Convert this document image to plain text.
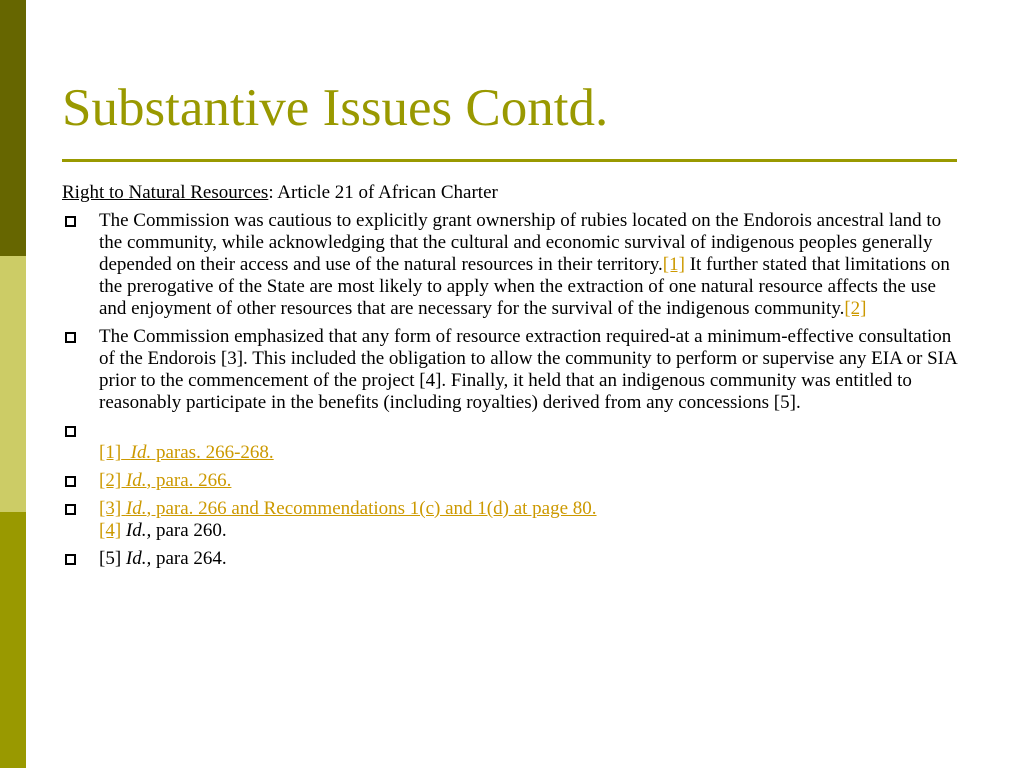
Substantive Issues Contd.

Right to Natural Resources: Article 21 of African Charter

The Commission was cautious to explicitly grant ownership of rubies located on the Endorois ancestral land to the community, while acknowledging that the cultural and economic survival of indigenous peoples generally depended on their access and use of the natural resources in their territory.[1] It further stated that limitations on the prerogative of the State are most likely to apply when the extraction of one natural resource affects the use and enjoyment of other resources that are necessary for the survival of the indigenous community.[2]
The Commission emphasized that any form of resource extraction required-at a minimum-effective consultation of the Endorois [3]. This included the obligation to allow the community to perform or supervise any EIA or SIA prior to the commencement of the project [4]. Finally, it held that an indigenous community was entitled to reasonably participate in the benefits (including royalties) derived from any concessions [5].
[1] Id. paras. 266-268.
[2] Id., para. 266.
[3] Id., para. 266 and Recommendations 1(c) and 1(d) at page 80.
[4] Id., para 260.
[5] Id., para 264.
